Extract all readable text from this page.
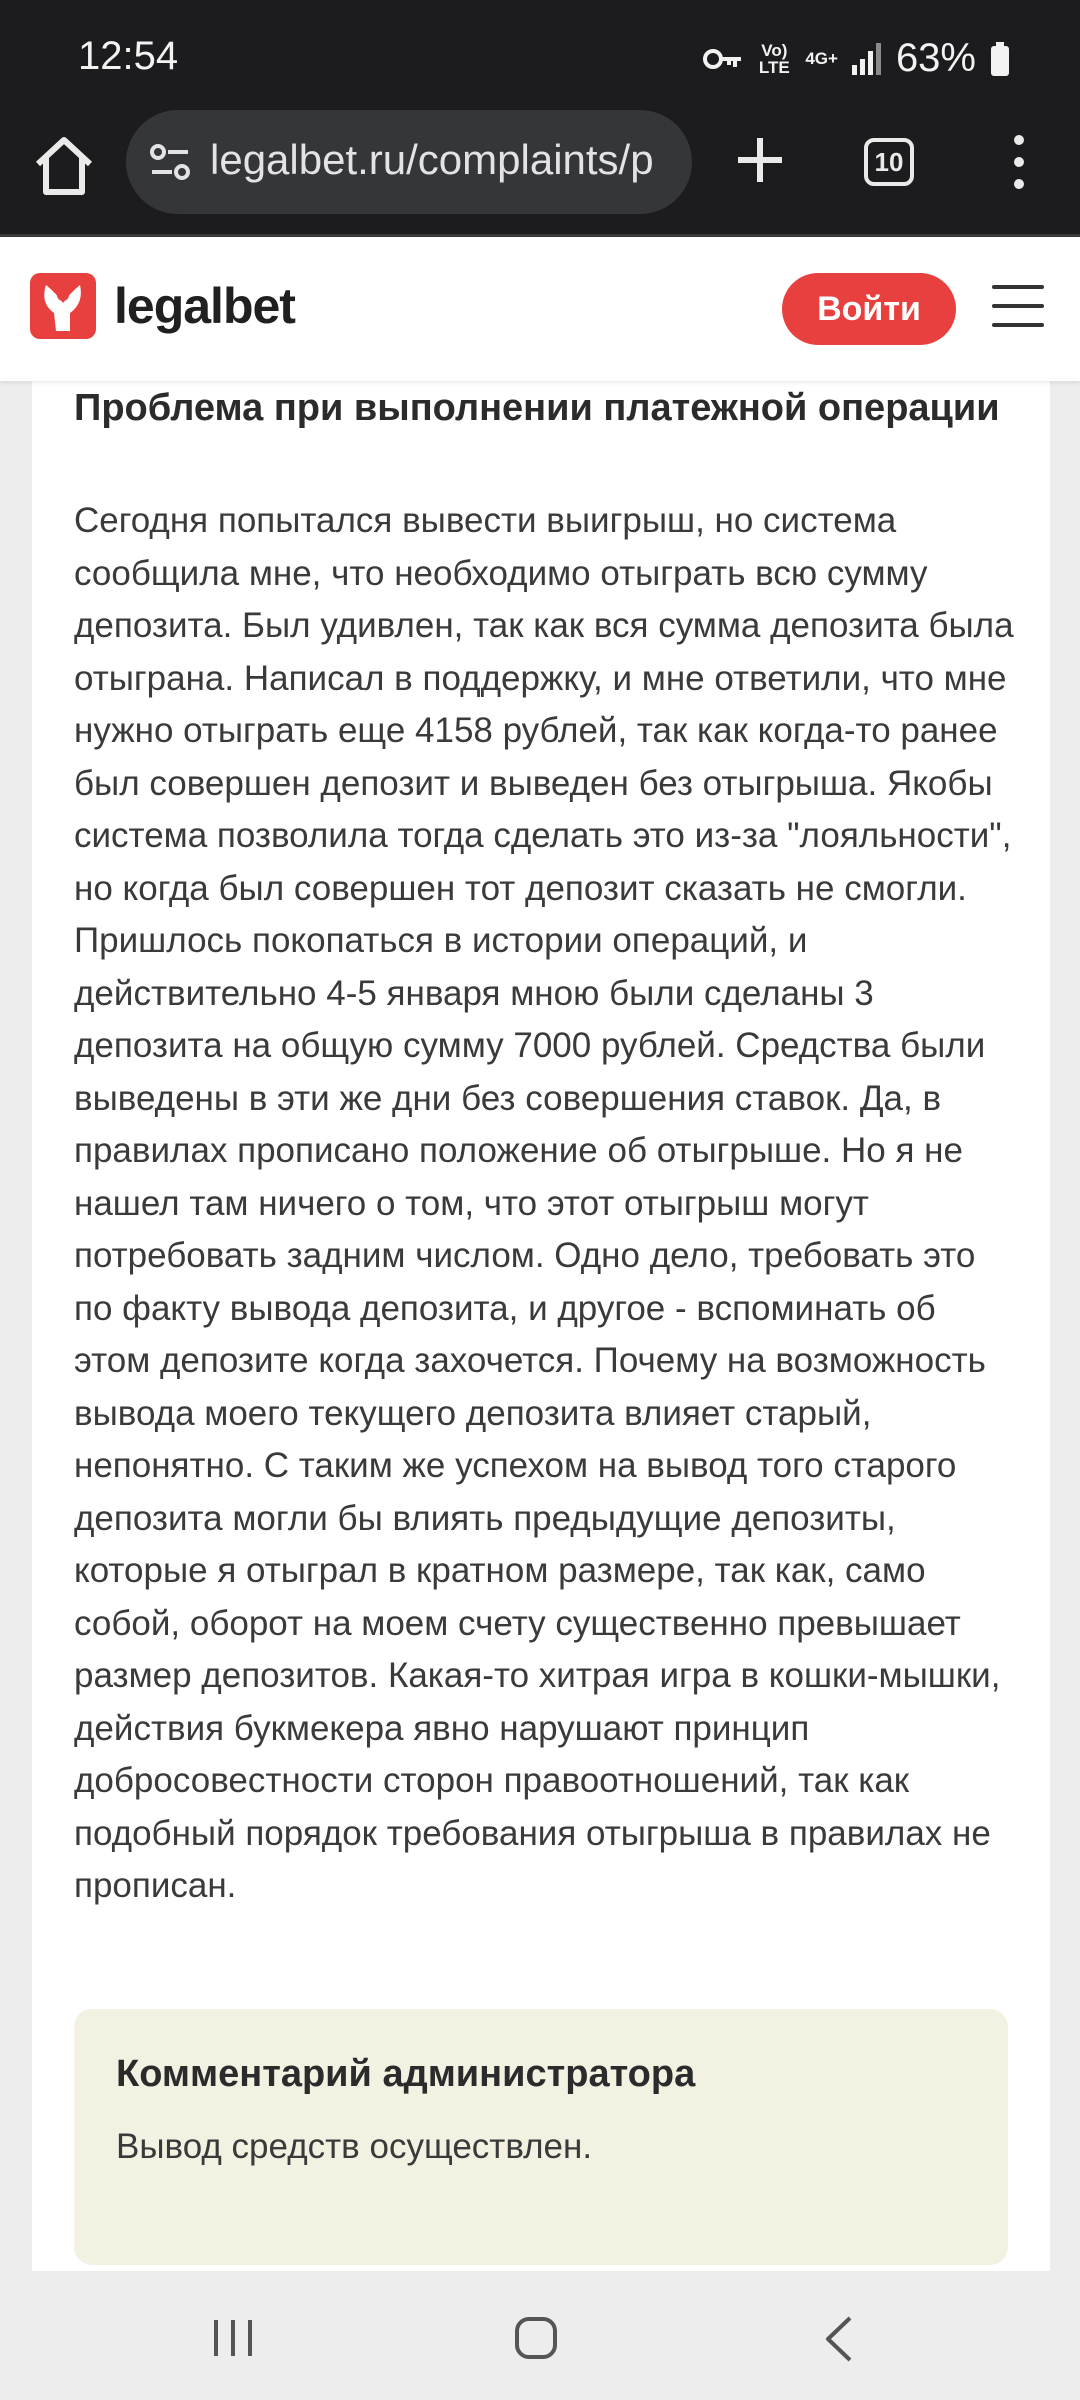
12:54	Vo) LTE 4G+ 63%
legalbet.ru/complaints/p	10
legalbet	Войти
Проблема при выполнении платежной операции
Сегодня попытался вывести выигрыш, но система сообщила мне, что необходимо отыграть всю сумму депозита. Был удивлен, так как вся сумма депозита была отыграна. Написал в поддержку, и мне ответили, что мне нужно отыграть еще 4158 рублей, так как когда-то ранее был совершен депозит и выведен без отыгрыша. Якобы система позволила тогда сделать это из-за "лояльности", но когда был совершен тот депозит сказать не смогли. Пришлось покопаться в истории операций, и действительно 4-5 января мною были сделаны 3 депозита на общую сумму 7000 рублей. Средства были выведены в эти же дни без совершения ставок. Да, в правилах прописано положение об отыгрыше. Но я не нашел там ничего о том, что этот отыгрыш могут потребовать задним числом. Одно дело, требовать это по факту вывода депозита, и другое - вспоминать об этом депозите когда захочется. Почему на возможность вывода моего текущего депозита влияет старый, непонятно. С таким же успехом на вывод того старого депозита могли бы влиять предыдущие депозиты, которые я отыграл в кратном размере, так как, само собой, оборот на моем счету существенно превышает размер депозитов. Какая-то хитрая игра в кошки-мышки, действия букмекера явно нарушают принцип добросовестности сторон правоотношений, так как подобный порядок требования отыгрыша в правилах не прописан.
Комментарий администратора
Вывод средств осуществлен.
